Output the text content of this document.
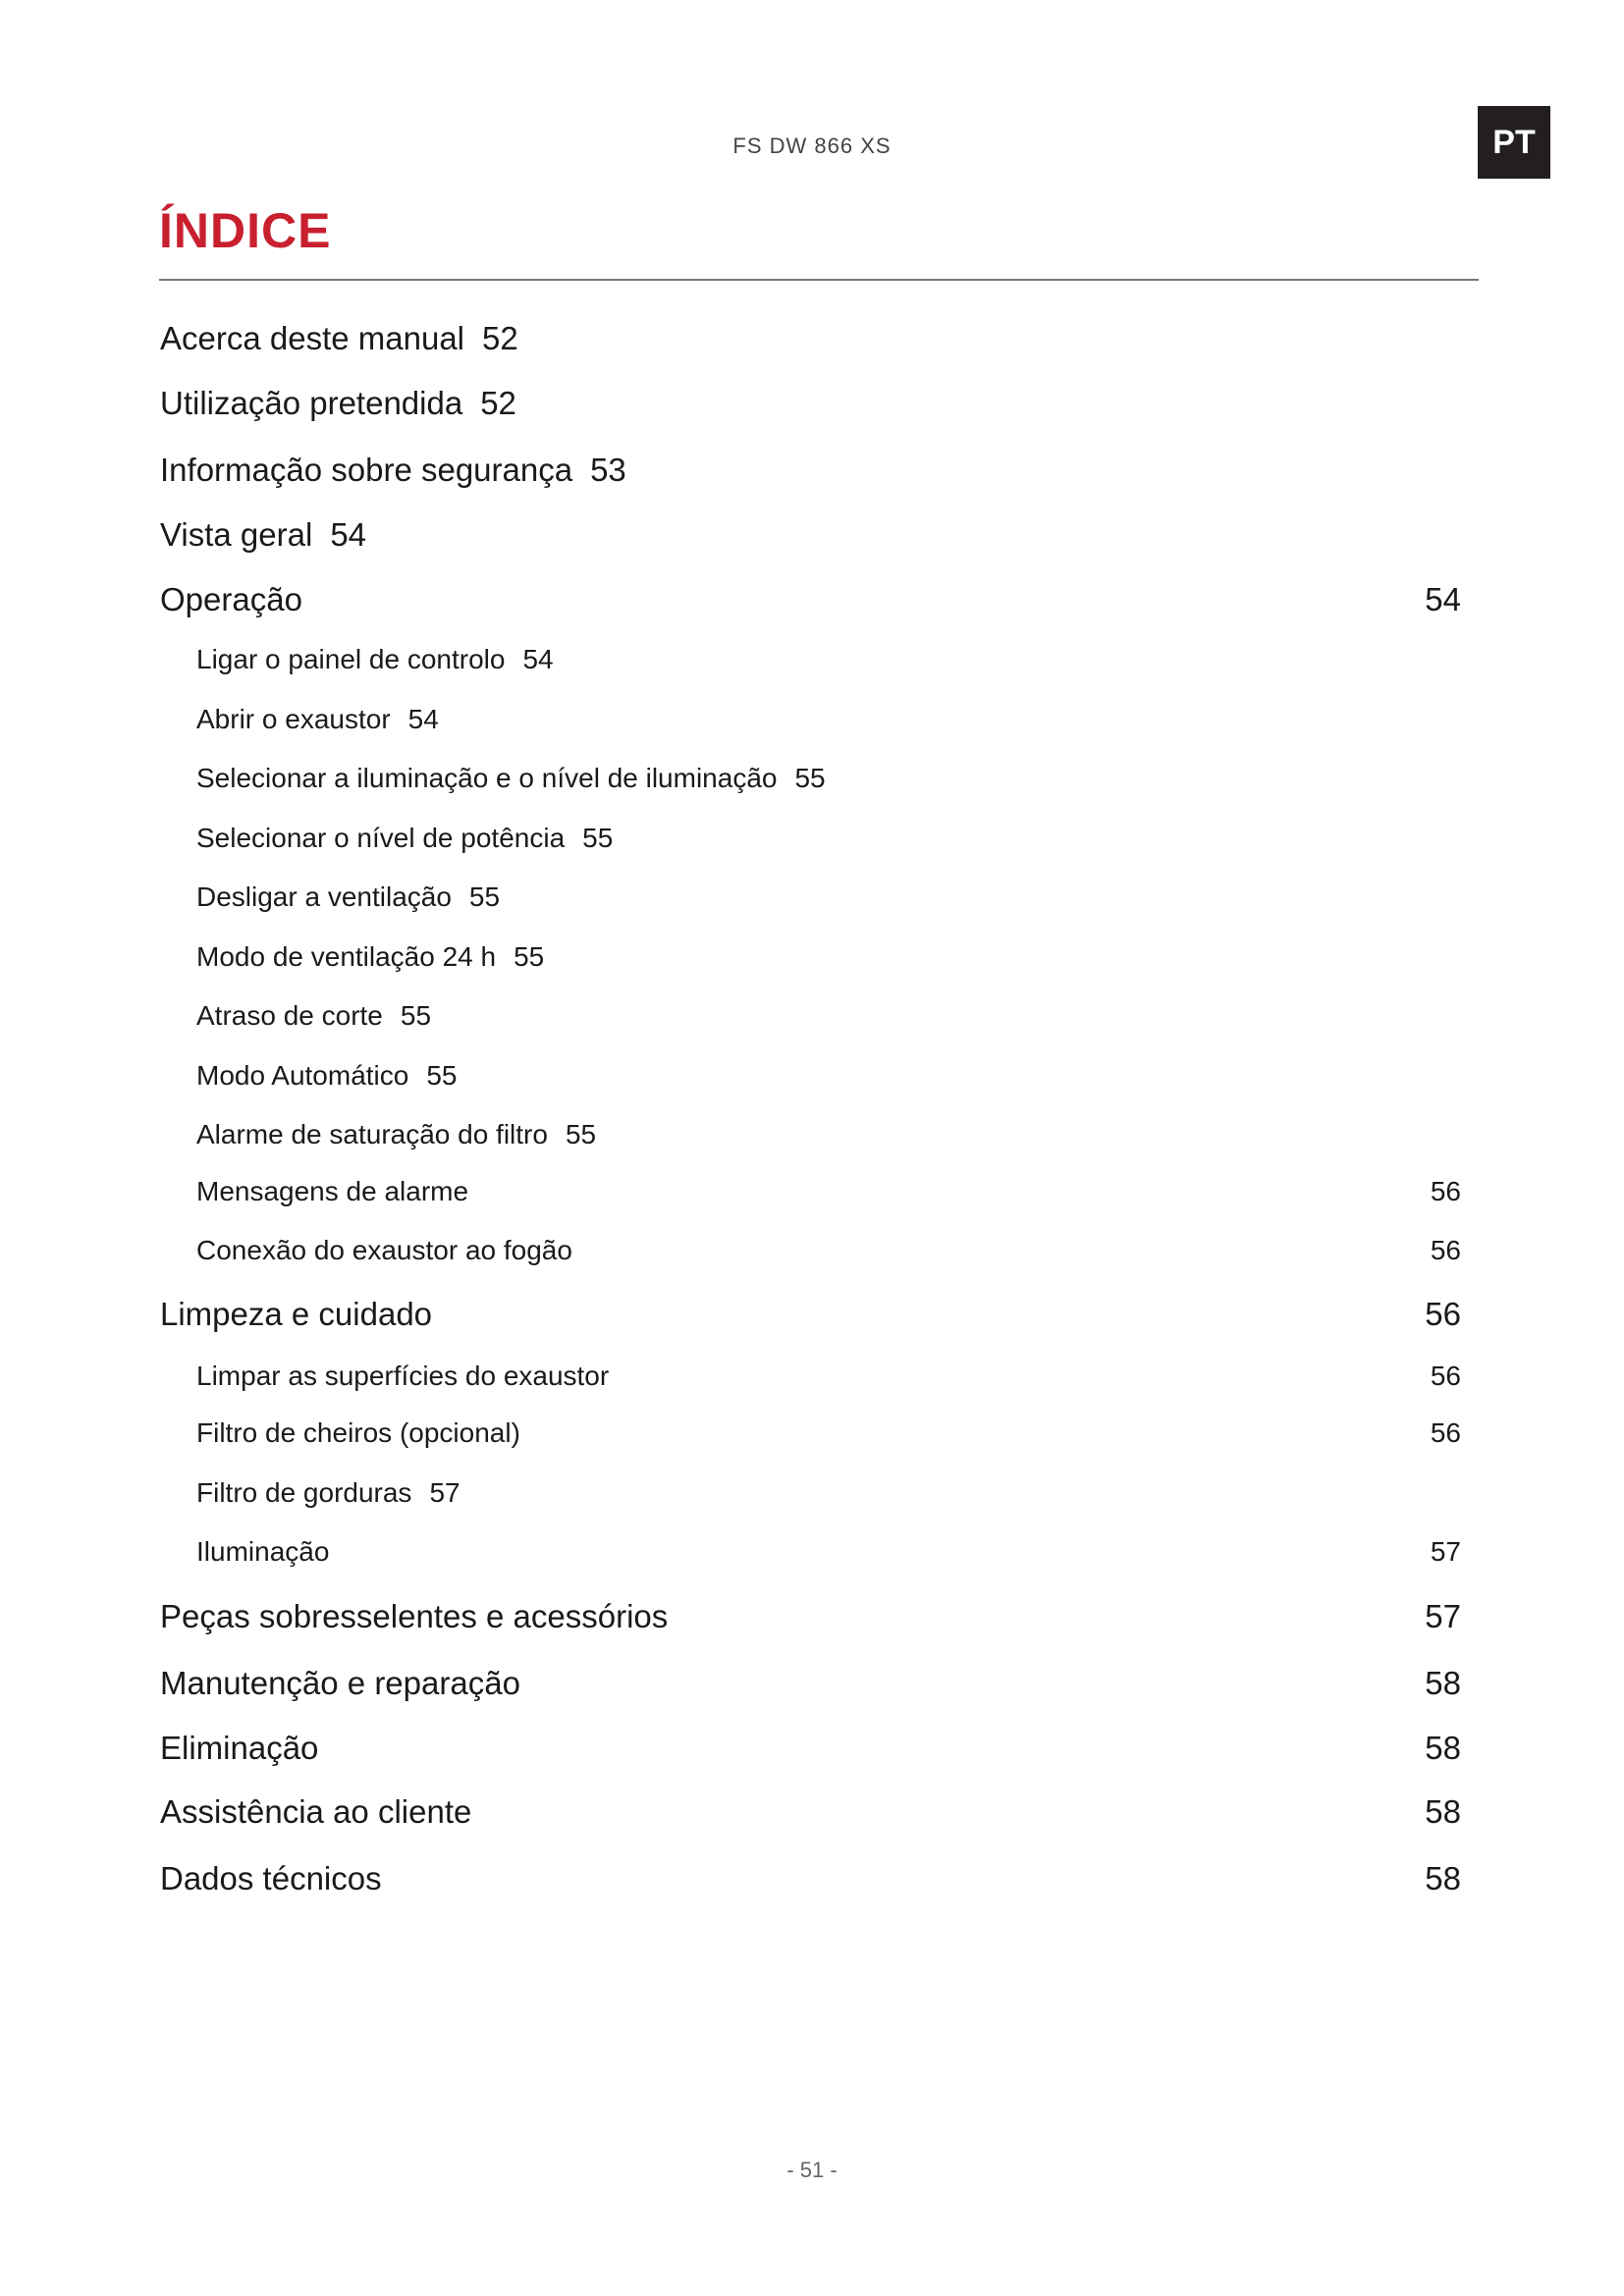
FS DW 866 XS	PT
ÍNDICE
Acerca deste manual 52
Utilização pretendida 52
Informação sobre segurança 53
Vista geral 54
Operação	54
Ligar o painel de controlo 54
Abrir o exaustor 54
Selecionar a iluminação e o nível de iluminação 55
Selecionar o nível de potência 55
Desligar a ventilação 55
Modo de ventilação 24 h 55
Atraso de corte 55
Modo Automático 55
Alarme de saturação do filtro 55
Mensagens de alarme	56
Conexão do exaustor ao fogão	56
Limpeza e cuidado	56
Limpar as superfícies do exaustor	56
Filtro de cheiros (opcional)	56
Filtro de gorduras 57
Iluminação	57
Peças sobresselentes e acessórios	57
Manutenção e reparação	58
Eliminação	58
Assistência ao cliente	58
Dados técnicos	58
- 51 -
